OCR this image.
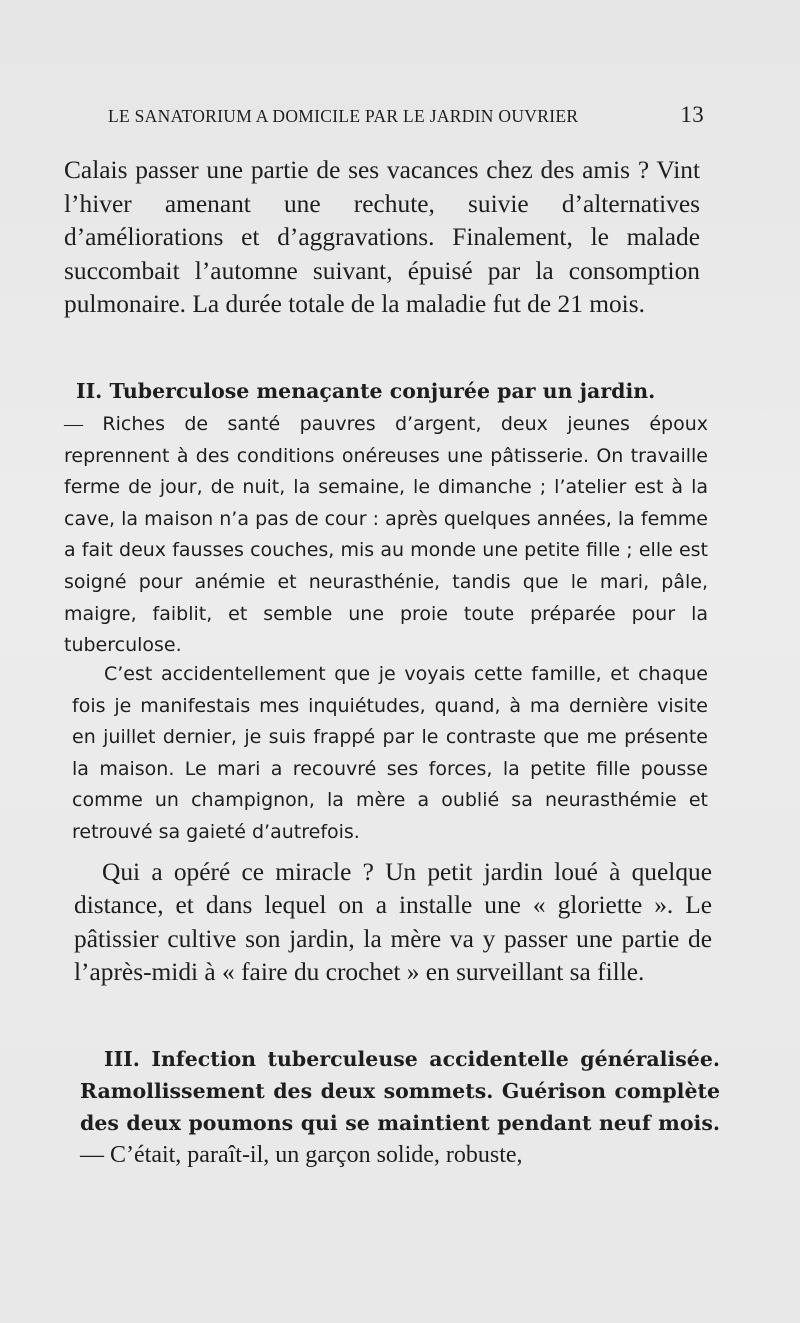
LE SANATORIUM A DOMICILE PAR LE JARDIN OUVRIER	13

Calais passer une partie de ses vacances chez des amis ? Vint l’hiver amenant une rechute, suivie d’alternatives d’améliorations et d’aggravations. Finalement, le malade succombait l’automne suivant, épuisé par la consomption pulmonaire. La durée totale de la maladie fut de 21 mois.

II. Tuberculose menaçante conjurée par un jardin.

— Riches de santé pauvres d’argent, deux jeunes époux reprennent à des conditions onéreuses une pâtisserie. On travaille ferme de jour, de nuit, la semaine, le dimanche ; l’atelier est à la cave, la maison n’a pas de cour : après quelques années, la femme a fait deux fausses couches, mis au monde une petite fille ; elle est soigné pour anémie et neurasthénie, tandis que le mari, pâle, maigre, faiblit, et semble une proie toute préparée pour la tuberculose.

C’est accidentellement que je voyais cette famille, et chaque fois je manifestais mes inquiétudes, quand, à ma dernière visite en juillet dernier, je suis frappé par le contraste que me présente la maison. Le mari a recouvré ses forces, la petite fille pousse comme un champignon, la mère a oublié sa neurasthémie et retrouvé sa gaieté d’autrefois.

Qui a opéré ce miracle ? Un petit jardin loué à quelque distance, et dans lequel on a installe une « gloriette ». Le pâtissier cultive son jardin, la mère va y passer une partie de l’après-midi à « faire du crochet » en surveillant sa fille.

III. Infection tuberculeuse accidentelle généralisée. Ramollissement des deux sommets. Guérison complète des deux poumons qui se maintient pendant neuf mois. — C’était, paraît-il, un garçon solide, robuste,
